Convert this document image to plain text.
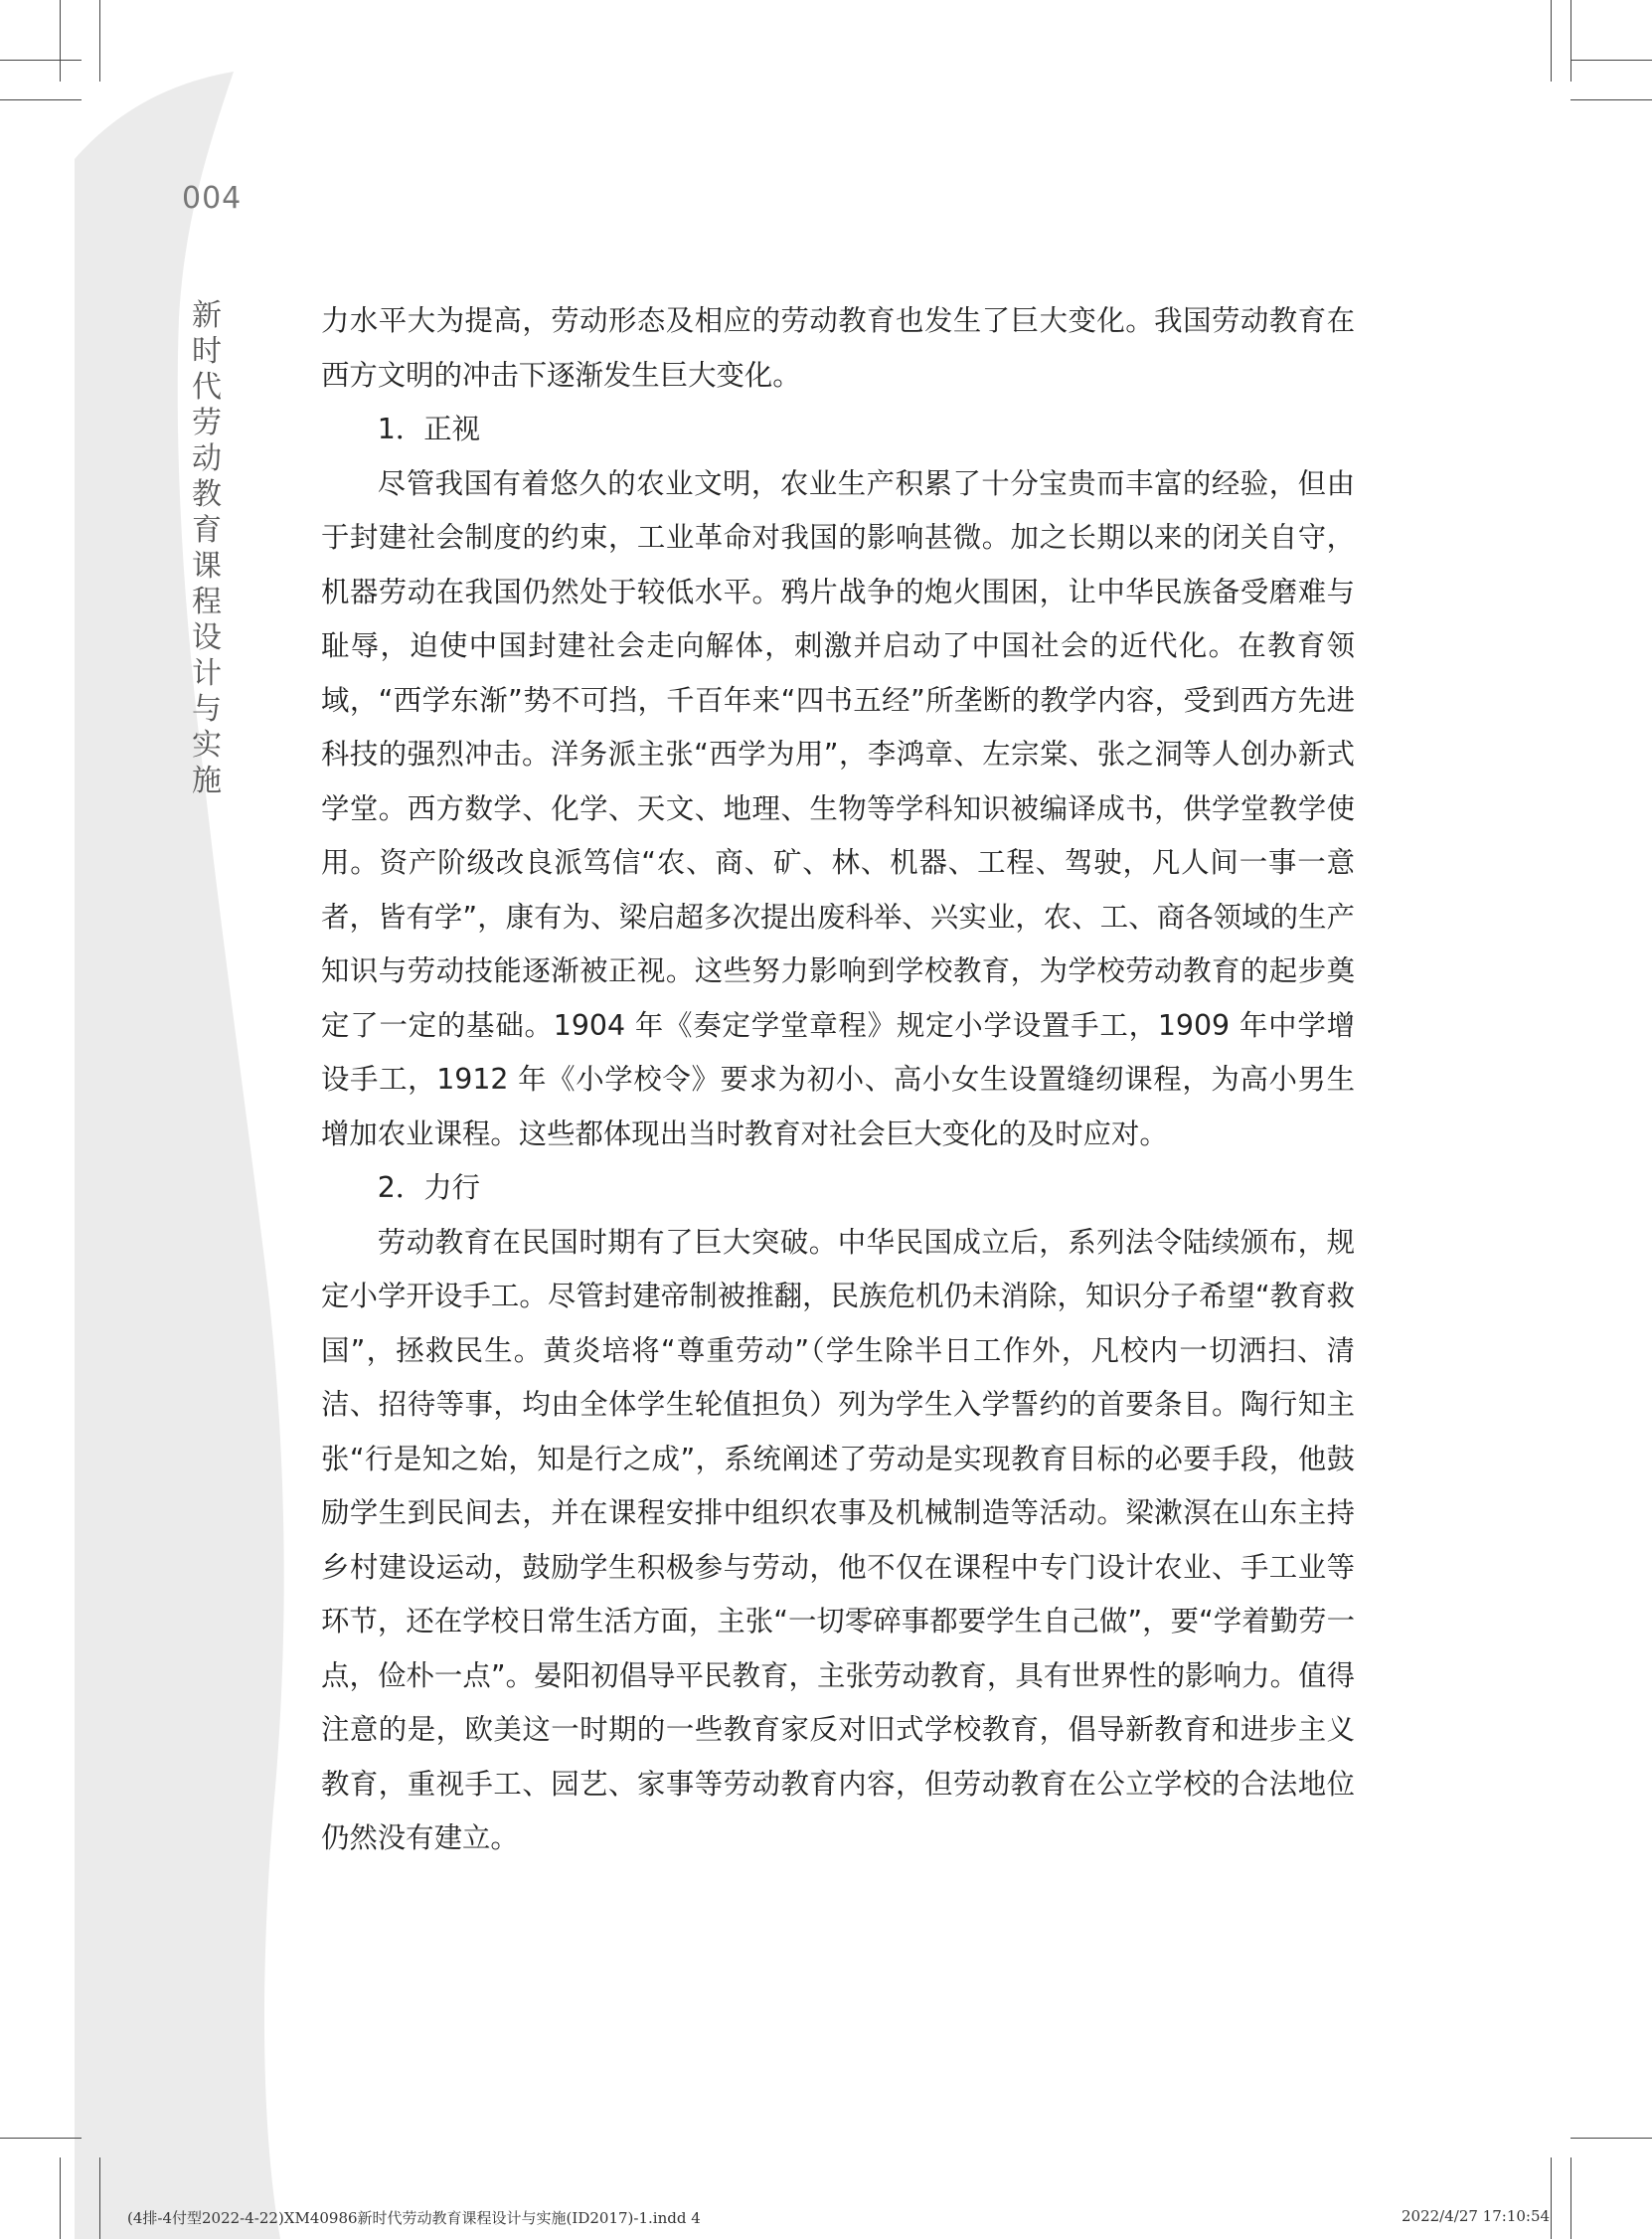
004
新时代劳动教育课程设计与实施

力水平大为提高，劳动形态及相应的劳动教育也发生了巨大变化。我国劳动教育在西方文明的冲击下逐渐发生巨大变化。

1．正视

尽管我国有着悠久的农业文明，农业生产积累了十分宝贵而丰富的经验，但由于封建社会制度的约束，工业革命对我国的影响甚微。加之长期以来的闭关自守，机器劳动在我国仍然处于较低水平。鸦片战争的炮火围困，让中华民族备受磨难与耻辱，迫使中国封建社会走向解体，刺激并启动了中国社会的近代化。在教育领域，“西学东渐”势不可挡，千百年来“四书五经”所垄断的教学内容，受到西方先进科技的强烈冲击。洋务派主张“西学为用”，李鸿章、左宗棠、张之洞等人创办新式学堂。西方数学、化学、天文、地理、生物等学科知识被编译成书，供学堂教学使用。资产阶级改良派笃信“农、商、矿、林、机器、工程、驾驶，凡人间一事一意者，皆有学”，康有为、梁启超多次提出废科举、兴实业，农、工、商各领域的生产知识与劳动技能逐渐被正视。这些努力影响到学校教育，为学校劳动教育的起步奠定了一定的基础。1904 年《奏定学堂章程》规定小学设置手工，1909 年中学增设手工，1912 年《小学校令》要求为初小、高小女生设置缝纫课程，为高小男生增加农业课程。这些都体现出当时教育对社会巨大变化的及时应对。

2．力行

劳动教育在民国时期有了巨大突破。中华民国成立后，系列法令陆续颁布，规定小学开设手工。尽管封建帝制被推翻，民族危机仍未消除，知识分子希望“教育救国”，拯救民生。黄炎培将“尊重劳动”（学生除半日工作外，凡校内一切洒扫、清洁、招待等事，均由全体学生轮值担负）列为学生入学誓约的首要条目。陶行知主张“行是知之始，知是行之成”，系统阐述了劳动是实现教育目标的必要手段，他鼓励学生到民间去，并在课程安排中组织农事及机械制造等活动。梁漱溟在山东主持乡村建设运动，鼓励学生积极参与劳动，他不仅在课程中专门设计农业、手工业等环节，还在学校日常生活方面，主张“一切零碎事都要学生自己做”，要“学着勤劳一点，俭朴一点”。晏阳初倡导平民教育，主张劳动教育，具有世界性的影响力。值得注意的是，欧美这一时期的一些教育家反对旧式学校教育，倡导新教育和进步主义教育，重视手工、园艺、家事等劳动教育内容，但劳动教育在公立学校的合法地位仍然没有建立。

(4排-4付型2022-4-22)XM40986新时代劳动教育课程设计与实施(ID2017)-1.indd 4	2022/4/27 17:10:54
